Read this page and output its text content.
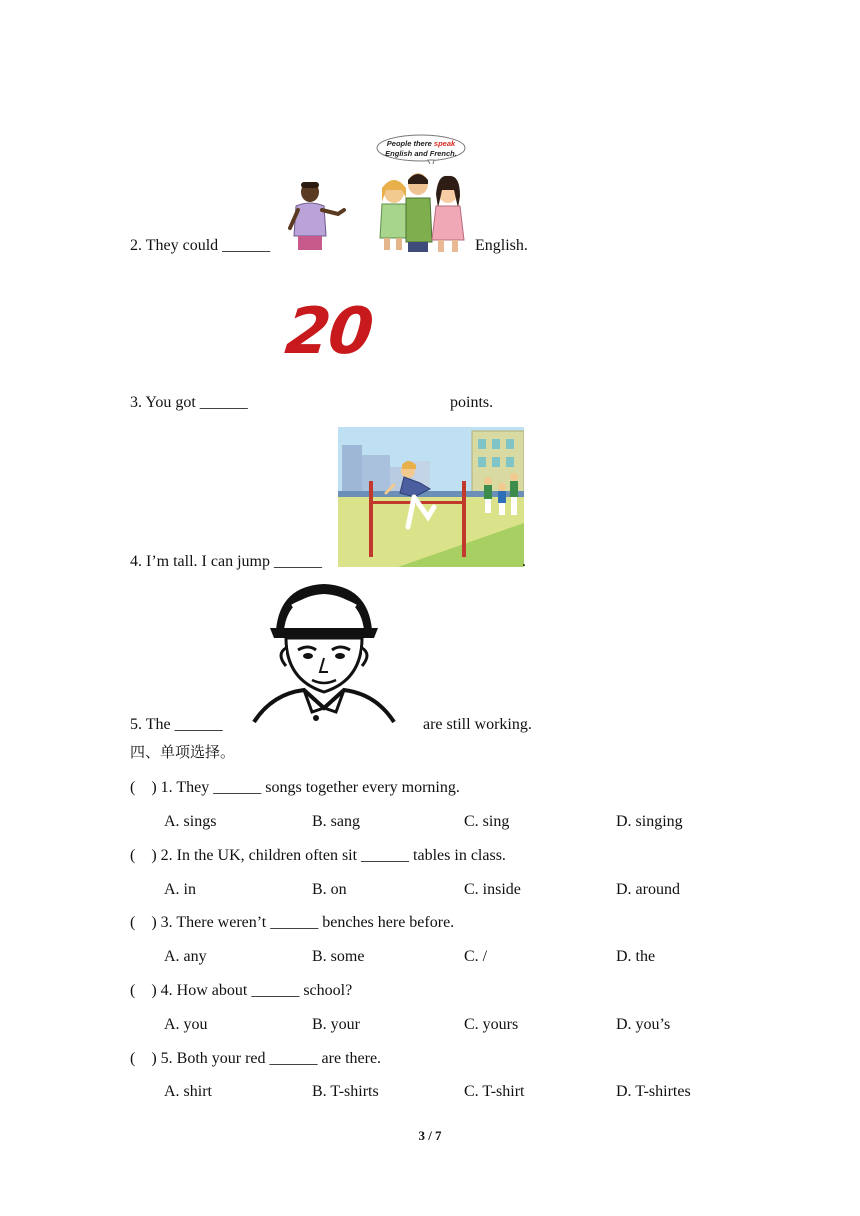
People there speak
English and French.
2. They could ______	English.
20
3. You got ______	points.
4. I’m tall. I can jump ______	.
5. The ______	are still working.
四、单项选择。
(    ) 1. They ______ songs together every morning.
A. sings	B. sang	C. sing	D. singing
(    ) 2. In the UK, children often sit ______ tables in class.
A. in	B. on	C. inside	D. around
(    ) 3. There weren’t ______ benches here before.
A. any	B. some	C. /	D. the
(    ) 4. How about ______ school?
A. you	B. your	C. yours	D. you’s
(    ) 5. Both your red ______ are there.
A. shirt	B. T-shirts	C. T-shirt	D. T-shirtes
3 / 7
